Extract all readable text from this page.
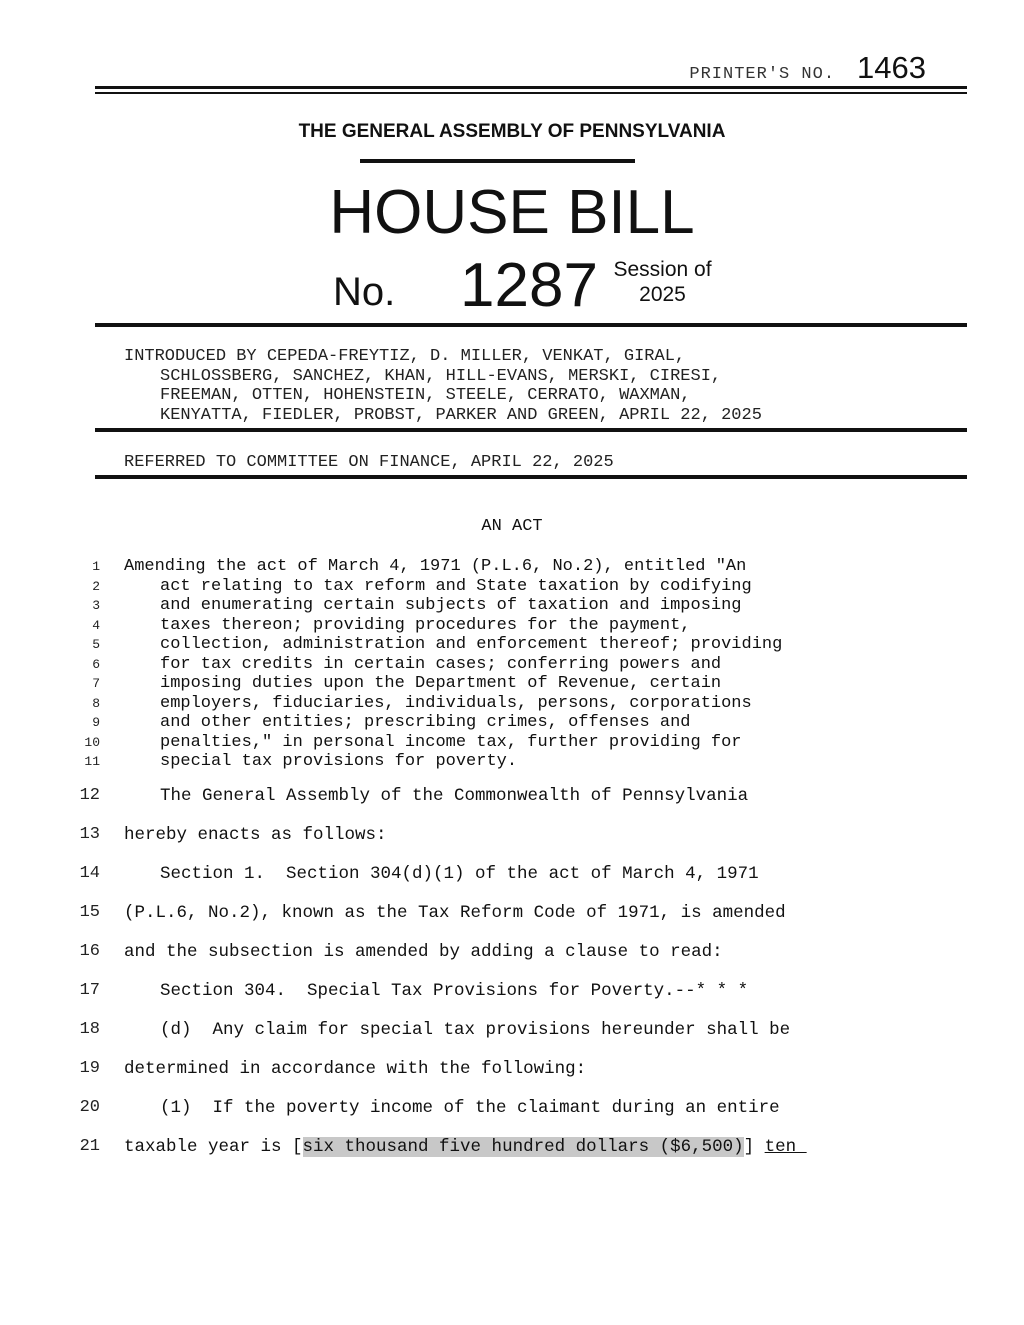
PRINTER'S NO. 1463
THE GENERAL ASSEMBLY OF PENNSYLVANIA
HOUSE BILL
No. 1287 Session of
2025
INTRODUCED BY CEPEDA-FREYTIZ, D. MILLER, VENKAT, GIRAL,
SCHLOSSBERG, SANCHEZ, KHAN, HILL-EVANS, MERSKI, CIRESI,
FREEMAN, OTTEN, HOHENSTEIN, STEELE, CERRATO, WAXMAN,
KENYATTA, FIEDLER, PROBST, PARKER AND GREEN, APRIL 22, 2025
REFERRED TO COMMITTEE ON FINANCE, APRIL 22, 2025
AN ACT
1 Amending the act of March 4, 1971 (P.L.6, No.2), entitled "An
2	act relating to tax reform and State taxation by codifying
3	and enumerating certain subjects of taxation and imposing
4	taxes thereon; providing procedures for the payment,
5	collection, administration and enforcement thereof; providing
6	for tax credits in certain cases; conferring powers and
7	imposing duties upon the Department of Revenue, certain
8	employers, fiduciaries, individuals, persons, corporations
9	and other entities; prescribing crimes, offenses and
10	penalties," in personal income tax, further providing for
11	special tax provisions for poverty.
12	The General Assembly of the Commonwealth of Pennsylvania
13 hereby enacts as follows:
14	Section 1.  Section 304(d)(1) of the act of March 4, 1971
15 (P.L.6, No.2), known as the Tax Reform Code of 1971, is amended
16 and the subsection is amended by adding a clause to read:
17	Section 304.  Special Tax Provisions for Poverty.--* * *
18	(d)  Any claim for special tax provisions hereunder shall be
19 determined in accordance with the following:
20	(1)  If the poverty income of the claimant during an entire
21 taxable year is [six thousand five hundred dollars ($6,500)] ten
